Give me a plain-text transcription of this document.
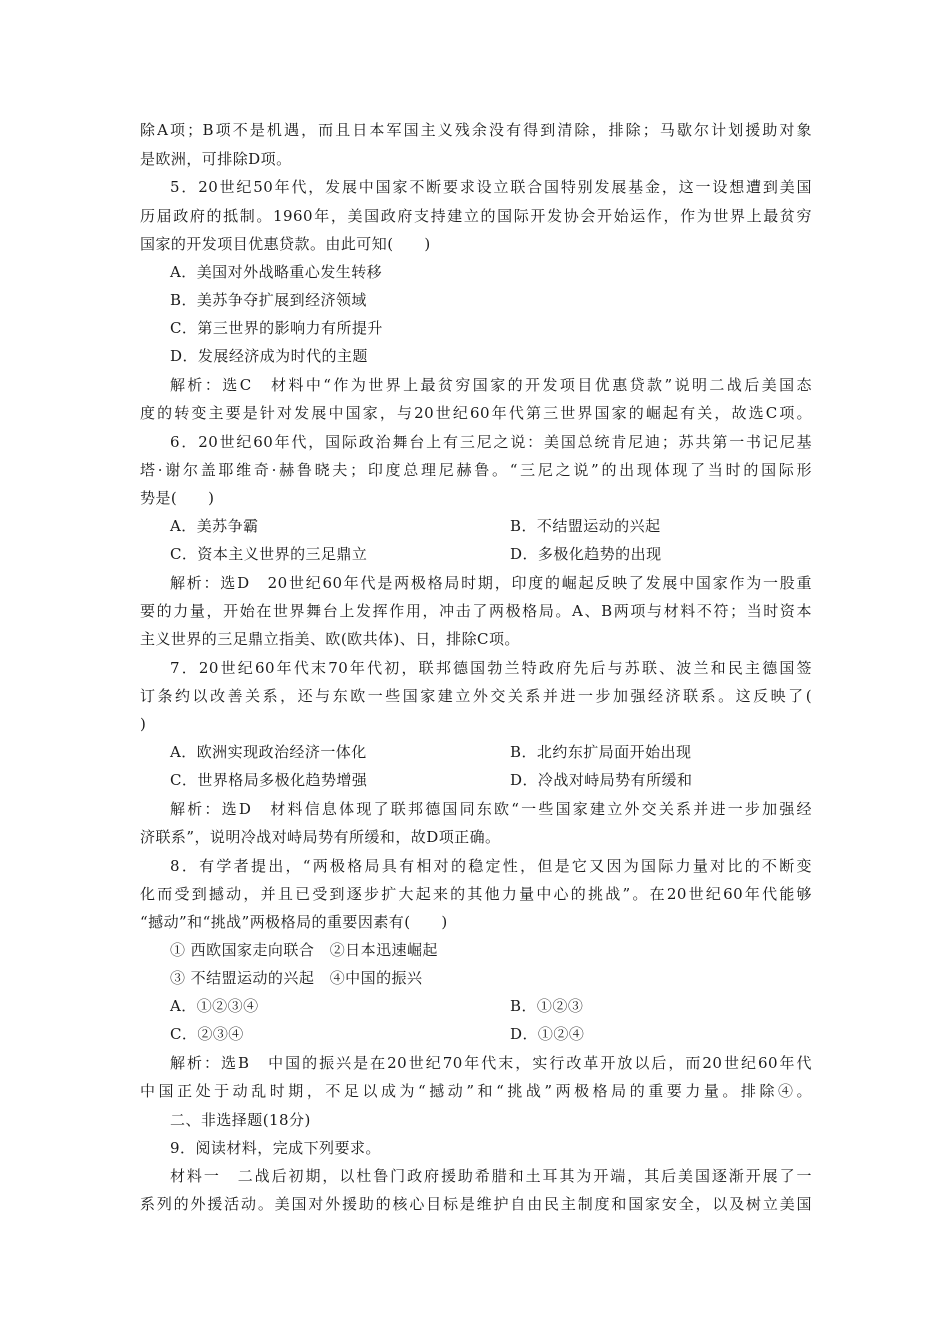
除A项；B项不是机遇，而且日本军国主义残余没有得到清除，排除；马歇尔计划援助对象
是欧洲，可排除D项。
5．20世纪50年代，发展中国家不断要求设立联合国特别发展基金，这一设想遭到美国
历届政府的抵制。1960年，美国政府支持建立的国际开发协会开始运作，作为世界上最贫穷
国家的开发项目优惠贷款。由此可知(　　)
A．美国对外战略重心发生转移
B．美苏争夺扩展到经济领域
C．第三世界的影响力有所提升
D．发展经济成为时代的主题
解析：选C　材料中“作为世界上最贫穷国家的开发项目优惠贷款”说明二战后美国态
度的转变主要是针对发展中国家，与20世纪60年代第三世界国家的崛起有关，故选C项。
6．20世纪60年代，国际政治舞台上有三尼之说：美国总统肯尼迪；苏共第一书记尼基
塔·谢尔盖耶维奇·赫鲁晓夫；印度总理尼赫鲁。“三尼之说”的出现体现了当时的国际形
势是(　　)
A．美苏争霸	B．不结盟运动的兴起
C．资本主义世界的三足鼎立	D．多极化趋势的出现
解析：选D　20世纪60年代是两极格局时期，印度的崛起反映了发展中国家作为一股重
要的力量，开始在世界舞台上发挥作用，冲击了两极格局。A、B两项与材料不符；当时资本
主义世界的三足鼎立指美、欧(欧共体)、日，排除C项。
7．20世纪60年代末70年代初，联邦德国勃兰特政府先后与苏联、波兰和民主德国签
订条约以改善关系，还与东欧一些国家建立外交关系并进一步加强经济联系。这反映了(
)
A．欧洲实现政治经济一体化	B．北约东扩局面开始出现
C．世界格局多极化趋势增强	D．冷战对峙局势有所缓和
解析：选D　材料信息体现了联邦德国同东欧“一些国家建立外交关系并进一步加强经
济联系”，说明冷战对峙局势有所缓和，故D项正确。
8．有学者提出，“两极格局具有相对的稳定性，但是它又因为国际力量对比的不断变
化而受到撼动，并且已受到逐步扩大起来的其他力量中心的挑战”。在20世纪60年代能够
“撼动”和“挑战”两极格局的重要因素有(　　)
① 西欧国家走向联合　②日本迅速崛起
③ 不结盟运动的兴起　④中国的振兴
A．①②③④	B．①②③
C．②③④	D．①②④
解析：选B　中国的振兴是在20世纪70年代末，实行改革开放以后，而20世纪60年代
中国正处于动乱时期，不足以成为“撼动”和“挑战”两极格局的重要力量。排除④。
二、非选择题(18分)
9．阅读材料，完成下列要求。
材料一　二战后初期，以杜鲁门政府援助希腊和土耳其为开端，其后美国逐渐开展了一
系列的外援活动。美国对外援助的核心目标是维护自由民主制度和国家安全，以及树立美国
